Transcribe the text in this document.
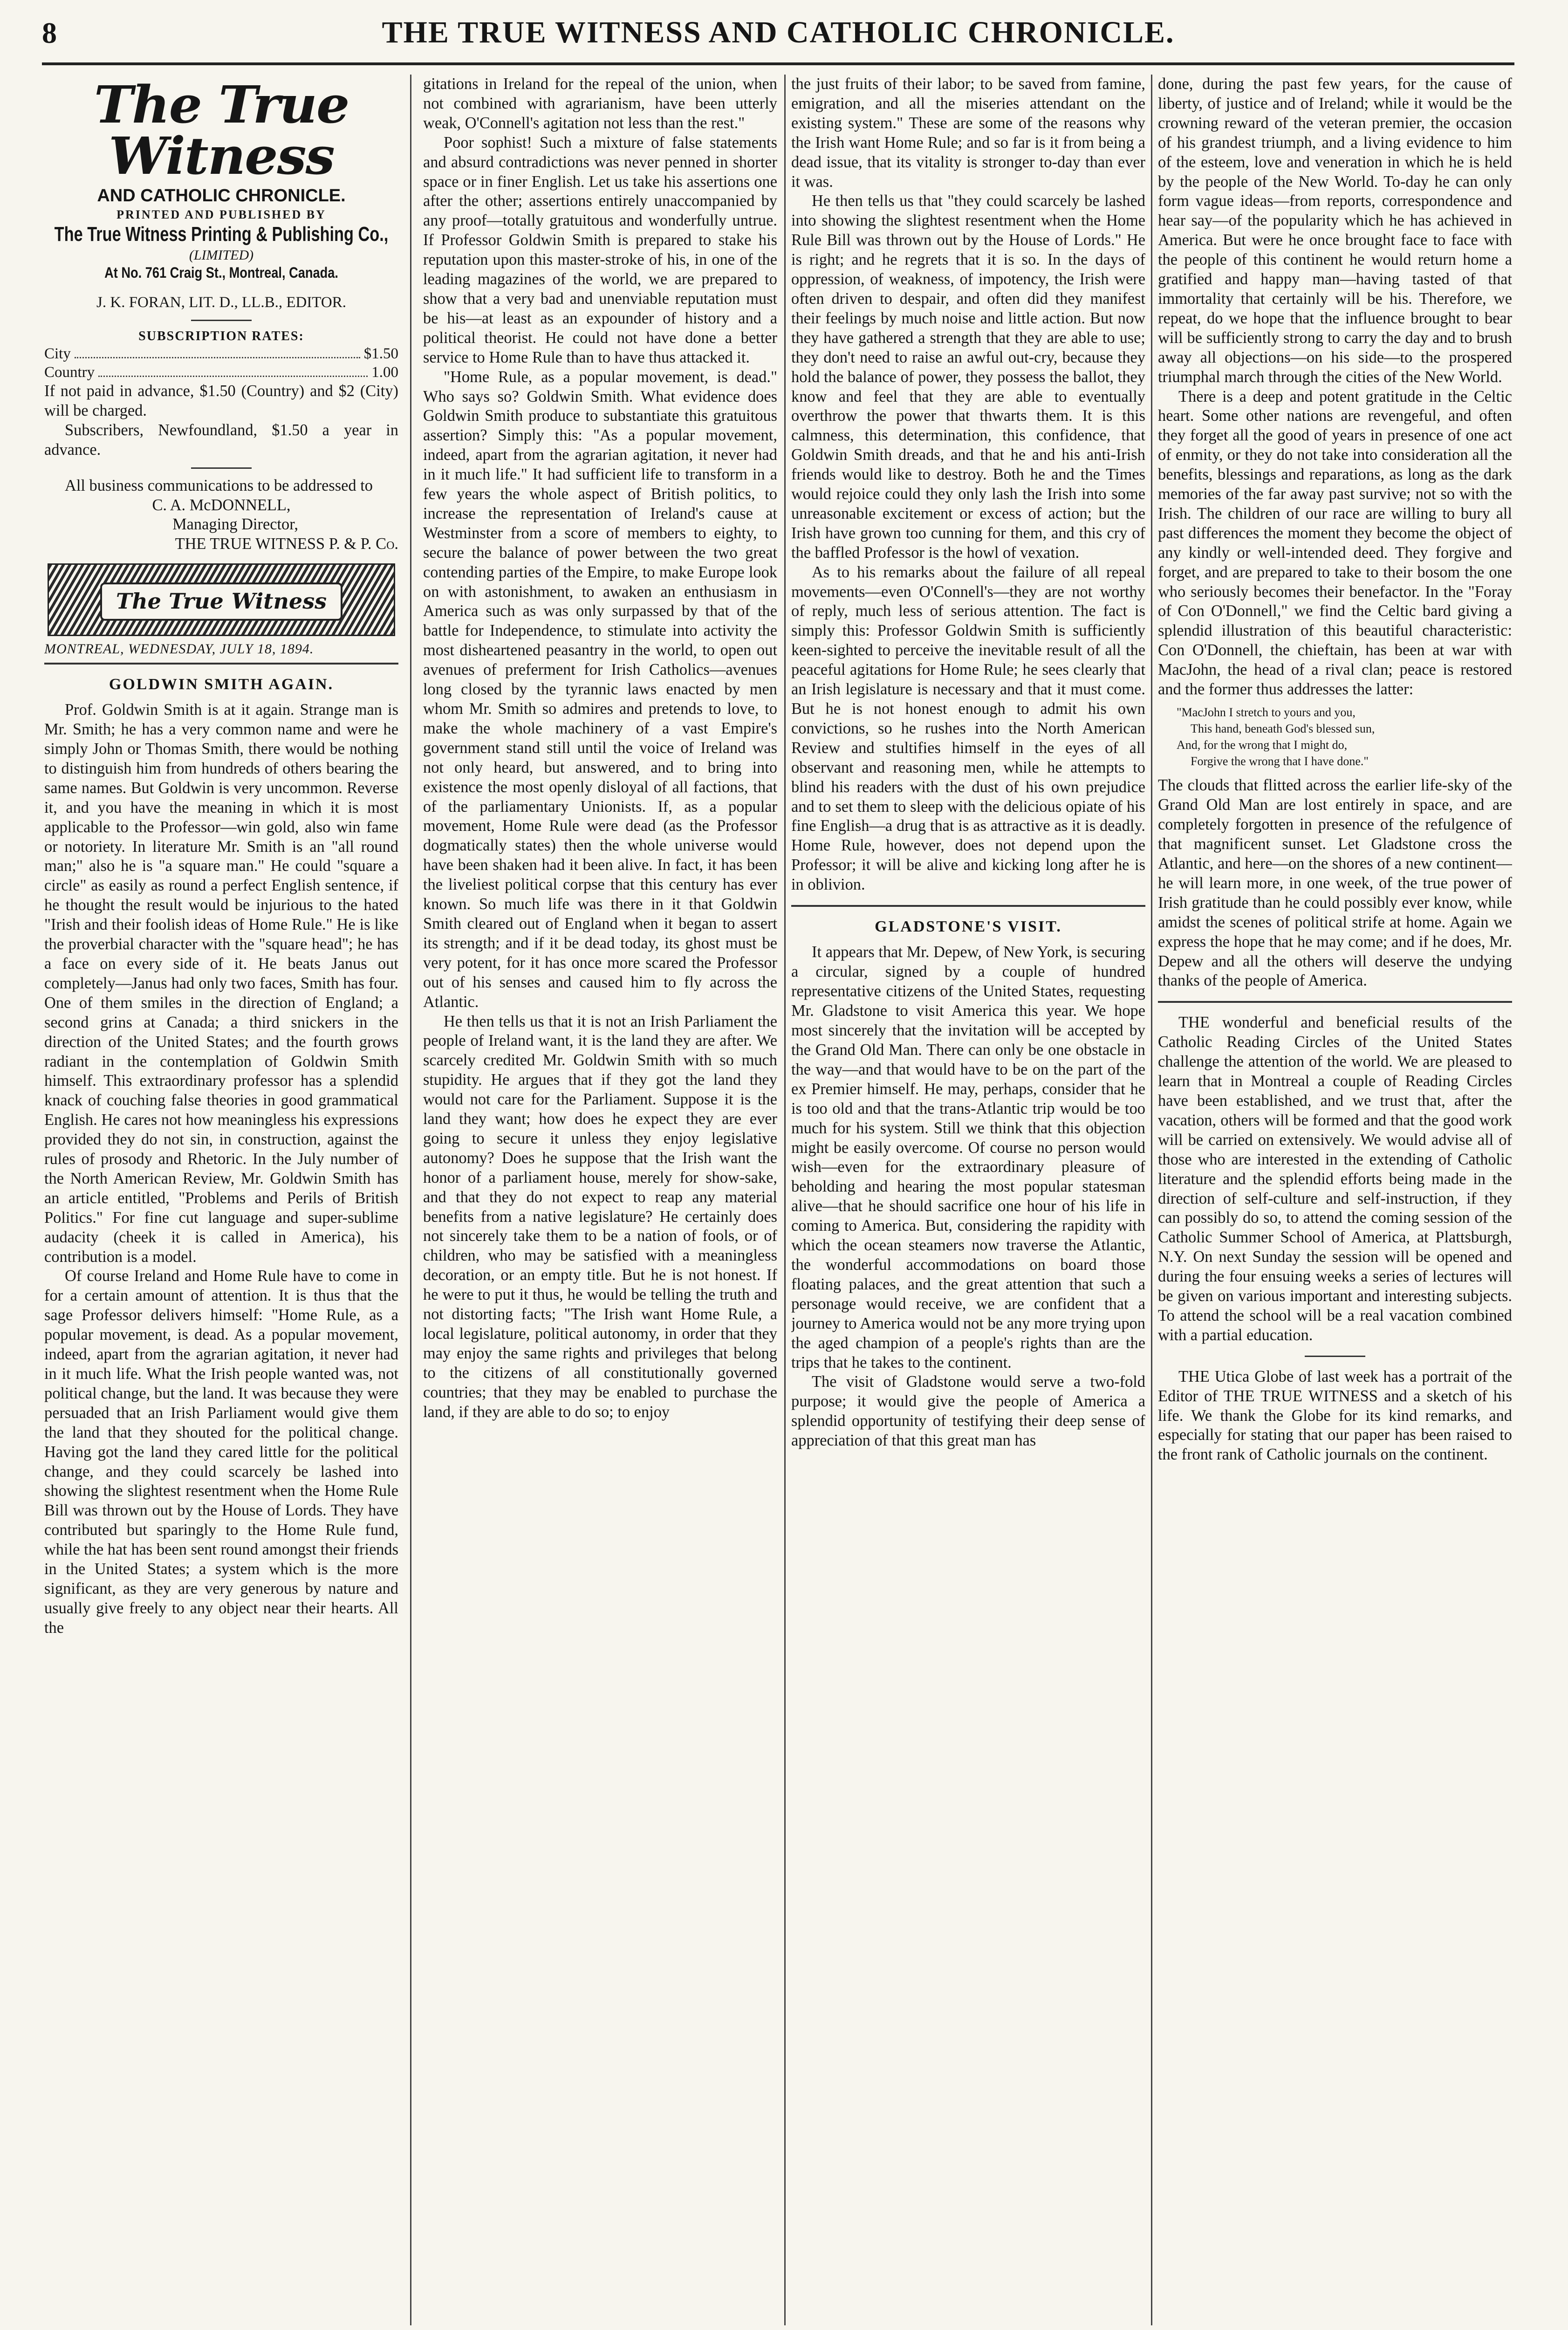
8	THE TRUE WITNESS AND CATHOLIC CHRONICLE.
The True Witness
AND CATHOLIC CHRONICLE.
PRINTED AND PUBLISHED BY
The True Witness Printing & Publishing Co.,
(LIMITED)
At No. 761 Craig St., Montreal, Canada.
J. K. FORAN, LIT. D., LL.B., EDITOR.
SUBSCRIPTION RATES:
City	$1.50
Country	1.00

If not paid in advance, $1.50 (Country) and $2 (City) will be charged.

Subscribers, Newfoundland, $1.50 a year in advance.

All business communications to be addressed to

C. A. McDONNELL,
Managing Director,
THE TRUE WITNESS P. & P. Co.
The True Witness
MONTREAL, WEDNESDAY, JULY 18, 1894.
GOLDWIN SMITH AGAIN.

Prof. Goldwin Smith is at it again. Strange man is Mr. Smith; he has a very common name and were he simply John or Thomas Smith, there would be nothing to distinguish him from hundreds of others bearing the same names. But Goldwin is very uncommon. Reverse it, and you have the meaning in which it is most applicable to the Professor—win gold, also win fame or notoriety. In literature Mr. Smith is an "all round man;" also he is "a square man." He could "square a circle" as easily as round a perfect English sentence, if he thought the result would be injurious to the hated "Irish and their foolish ideas of Home Rule." He is like the proverbial character with the "square head"; he has a face on every side of it. He beats Janus out completely—Janus had only two faces, Smith has four. One of them smiles in the direction of England; a second grins at Canada; a third snickers in the direction of the United States; and the fourth grows radiant in the contemplation of Goldwin Smith himself. This extraordinary professor has a splendid knack of couching false theories in good grammatical English. He cares not how meaningless his expressions provided they do not sin, in construction, against the rules of prosody and Rhetoric. In the July number of the North American Review, Mr. Goldwin Smith has an article entitled, "Problems and Perils of British Politics." For fine cut language and super-sublime audacity (cheek it is called in America), his contribution is a model.

Of course Ireland and Home Rule have to come in for a certain amount of attention. It is thus that the sage Professor delivers himself: "Home Rule, as a popular movement, is dead. As a popular movement, indeed, apart from the agrarian agitation, it never had in it much life. What the Irish people wanted was, not political change, but the land. It was because they were persuaded that an Irish Parliament would give them the land that they shouted for the political change. Having got the land they cared little for the political change, and they could scarcely be lashed into showing the slightest resentment when the Home Rule Bill was thrown out by the House of Lords. They have contributed but sparingly to the Home Rule fund, while the hat has been sent round amongst their friends in the United States; a system which is the more significant, as they are very generous by nature and usually give freely to any object near their hearts. All the

gitations in Ireland for the repeal of the union, when not combined with agrarianism, have been utterly weak, O'Connell's agitation not less than the rest."

Poor sophist! Such a mixture of false statements and absurd contradictions was never penned in shorter space or in finer English. Let us take his assertions one after the other; assertions entirely unaccompanied by any proof—totally gratuitous and wonderfully untrue. If Professor Goldwin Smith is prepared to stake his reputation upon this master-stroke of his, in one of the leading magazines of the world, we are prepared to show that a very bad and unenviable reputation must be his—at least as an expounder of history and a political theorist. He could not have done a better service to Home Rule than to have thus attacked it.

"Home Rule, as a popular movement, is dead." Who says so? Goldwin Smith. What evidence does Goldwin Smith produce to substantiate this gratuitous assertion? Simply this: "As a popular movement, indeed, apart from the agrarian agitation, it never had in it much life." It had sufficient life to transform in a few years the whole aspect of British politics, to increase the representation of Ireland's cause at Westminster from a score of members to eighty, to secure the balance of power between the two great contending parties of the Empire, to make Europe look on with astonishment, to awaken an enthusiasm in America such as was only surpassed by that of the battle for Independence, to stimulate into activity the most disheartened peasantry in the world, to open out avenues of preferment for Irish Catholics—avenues long closed by the tyrannic laws enacted by men whom Mr. Smith so admires and pretends to love, to make the whole machinery of a vast Empire's government stand still until the voice of Ireland was not only heard, but answered, and to bring into existence the most openly disloyal of all factions, that of the parliamentary Unionists. If, as a popular movement, Home Rule were dead (as the Professor dogmatically states) then the whole universe would have been shaken had it been alive. In fact, it has been the liveliest political corpse that this century has ever known. So much life was there in it that Goldwin Smith cleared out of England when it began to assert its strength; and if it be dead today, its ghost must be very potent, for it has once more scared the Professor out of his senses and caused him to fly across the Atlantic.

He then tells us that it is not an Irish Parliament the people of Ireland want, it is the land they are after. We scarcely credited Mr. Goldwin Smith with so much stupidity. He argues that if they got the land they would not care for the Parliament. Suppose it is the land they want; how does he expect they are ever going to secure it unless they enjoy legislative autonomy? Does he suppose that the Irish want the honor of a parliament house, merely for show-sake, and that they do not expect to reap any material benefits from a native legislature? He certainly does not sincerely take them to be a nation of fools, or of children, who may be satisfied with a meaningless decoration, or an empty title. But he is not honest. If he were to put it thus, he would be telling the truth and not distorting facts; "The Irish want Home Rule, a local legislature, political autonomy, in order that they may enjoy the same rights and privileges that belong to the citizens of all constitutionally governed countries; that they may be enabled to purchase the land, if they are able to do so; to enjoy

the just fruits of their labor; to be saved from famine, emigration, and all the miseries attendant on the existing system." These are some of the reasons why the Irish want Home Rule; and so far is it from being a dead issue, that its vitality is stronger to-day than ever it was.

He then tells us that "they could scarcely be lashed into showing the slightest resentment when the Home Rule Bill was thrown out by the House of Lords." He is right; and he regrets that it is so. In the days of oppression, of weakness, of impotency, the Irish were often driven to despair, and often did they manifest their feelings by much noise and little action. But now they have gathered a strength that they are able to use; they don't need to raise an awful out-cry, because they hold the balance of power, they possess the ballot, they know and feel that they are able to eventually overthrow the power that thwarts them. It is this calmness, this determination, this confidence, that Goldwin Smith dreads, and that he and his anti-Irish friends would like to destroy. Both he and the Times would rejoice could they only lash the Irish into some unreasonable excitement or excess of action; but the Irish have grown too cunning for them, and this cry of the baffled Professor is the howl of vexation.

As to his remarks about the failure of all repeal movements—even O'Connell's—they are not worthy of reply, much less of serious attention. The fact is simply this: Professor Goldwin Smith is sufficiently keen-sighted to perceive the inevitable result of all the peaceful agitations for Home Rule; he sees clearly that an Irish legislature is necessary and that it must come. But he is not honest enough to admit his own convictions, so he rushes into the North American Review and stultifies himself in the eyes of all observant and reasoning men, while he attempts to blind his readers with the dust of his own prejudice and to set them to sleep with the delicious opiate of his fine English—a drug that is as attractive as it is deadly. Home Rule, however, does not depend upon the Professor; it will be alive and kicking long after he is in oblivion.

GLADSTONE'S VISIT.

It appears that Mr. Depew, of New York, is securing a circular, signed by a couple of hundred representative citizens of the United States, requesting Mr. Gladstone to visit America this year. We hope most sincerely that the invitation will be accepted by the Grand Old Man. There can only be one obstacle in the way—and that would have to be on the part of the ex Premier himself. He may, perhaps, consider that he is too old and that the trans-Atlantic trip would be too much for his system. Still we think that this objection might be easily overcome. Of course no person would wish—even for the extraordinary pleasure of beholding and hearing the most popular statesman alive—that he should sacrifice one hour of his life in coming to America. But, considering the rapidity with which the ocean steamers now traverse the Atlantic, the wonderful accommodations on board those floating palaces, and the great attention that such a personage would receive, we are confident that a journey to America would not be any more trying upon the aged champion of a people's rights than are the trips that he takes to the continent.

The visit of Gladstone would serve a two-fold purpose; it would give the people of America a splendid opportunity of testifying their deep sense of appreciation of that this great man has

done, during the past few years, for the cause of liberty, of justice and of Ireland; while it would be the crowning reward of the veteran premier, the occasion of his grandest triumph, and a living evidence to him of the esteem, love and veneration in which he is held by the people of the New World. To-day he can only form vague ideas—from reports, correspondence and hear say—of the popularity which he has achieved in America. But were he once brought face to face with the people of this continent he would return home a gratified and happy man—having tasted of that immortality that certainly will be his. Therefore, we repeat, do we hope that the influence brought to bear will be sufficiently strong to carry the day and to brush away all objections—on his side—to the prospered triumphal march through the cities of the New World.

There is a deep and potent gratitude in the Celtic heart. Some other nations are revengeful, and often they forget all the good of years in presence of one act of enmity, or they do not take into consideration all the benefits, blessings and reparations, as long as the dark memories of the far away past survive; not so with the Irish. The children of our race are willing to bury all past differences the moment they become the object of any kindly or well-intended deed. They forgive and forget, and are prepared to take to their bosom the one who seriously becomes their benefactor. In the "Foray of Con O'Donnell," we find the Celtic bard giving a splendid illustration of this beautiful characteristic: Con O'Donnell, the chieftain, has been at war with MacJohn, the head of a rival clan; peace is restored and the former thus addresses the latter:

"MacJohn I stretch to yours and you,
This hand, beneath God's blessed sun,
And, for the wrong that I might do,
Forgive the wrong that I have done."

The clouds that flitted across the earlier life-sky of the Grand Old Man are lost entirely in space, and are completely forgotten in presence of the refulgence of that magnificent sunset. Let Gladstone cross the Atlantic, and here—on the shores of a new continent—he will learn more, in one week, of the true power of Irish gratitude than he could possibly ever know, while amidst the scenes of political strife at home. Again we express the hope that he may come; and if he does, Mr. Depew and all the others will deserve the undying thanks of the people of America.

THE wonderful and beneficial results of the Catholic Reading Circles of the United States challenge the attention of the world. We are pleased to learn that in Montreal a couple of Reading Circles have been established, and we trust that, after the vacation, others will be formed and that the good work will be carried on extensively. We would advise all of those who are interested in the extending of Catholic literature and the splendid efforts being made in the direction of self-culture and self-instruction, if they can possibly do so, to attend the coming session of the Catholic Summer School of America, at Plattsburgh, N.Y. On next Sunday the session will be opened and during the four ensuing weeks a series of lectures will be given on various important and interesting subjects. To attend the school will be a real vacation combined with a partial education.

THE Utica Globe of last week has a portrait of the Editor of THE TRUE WITNESS and a sketch of his life. We thank the Globe for its kind remarks, and especially for stating that our paper has been raised to the front rank of Catholic journals on the continent.
